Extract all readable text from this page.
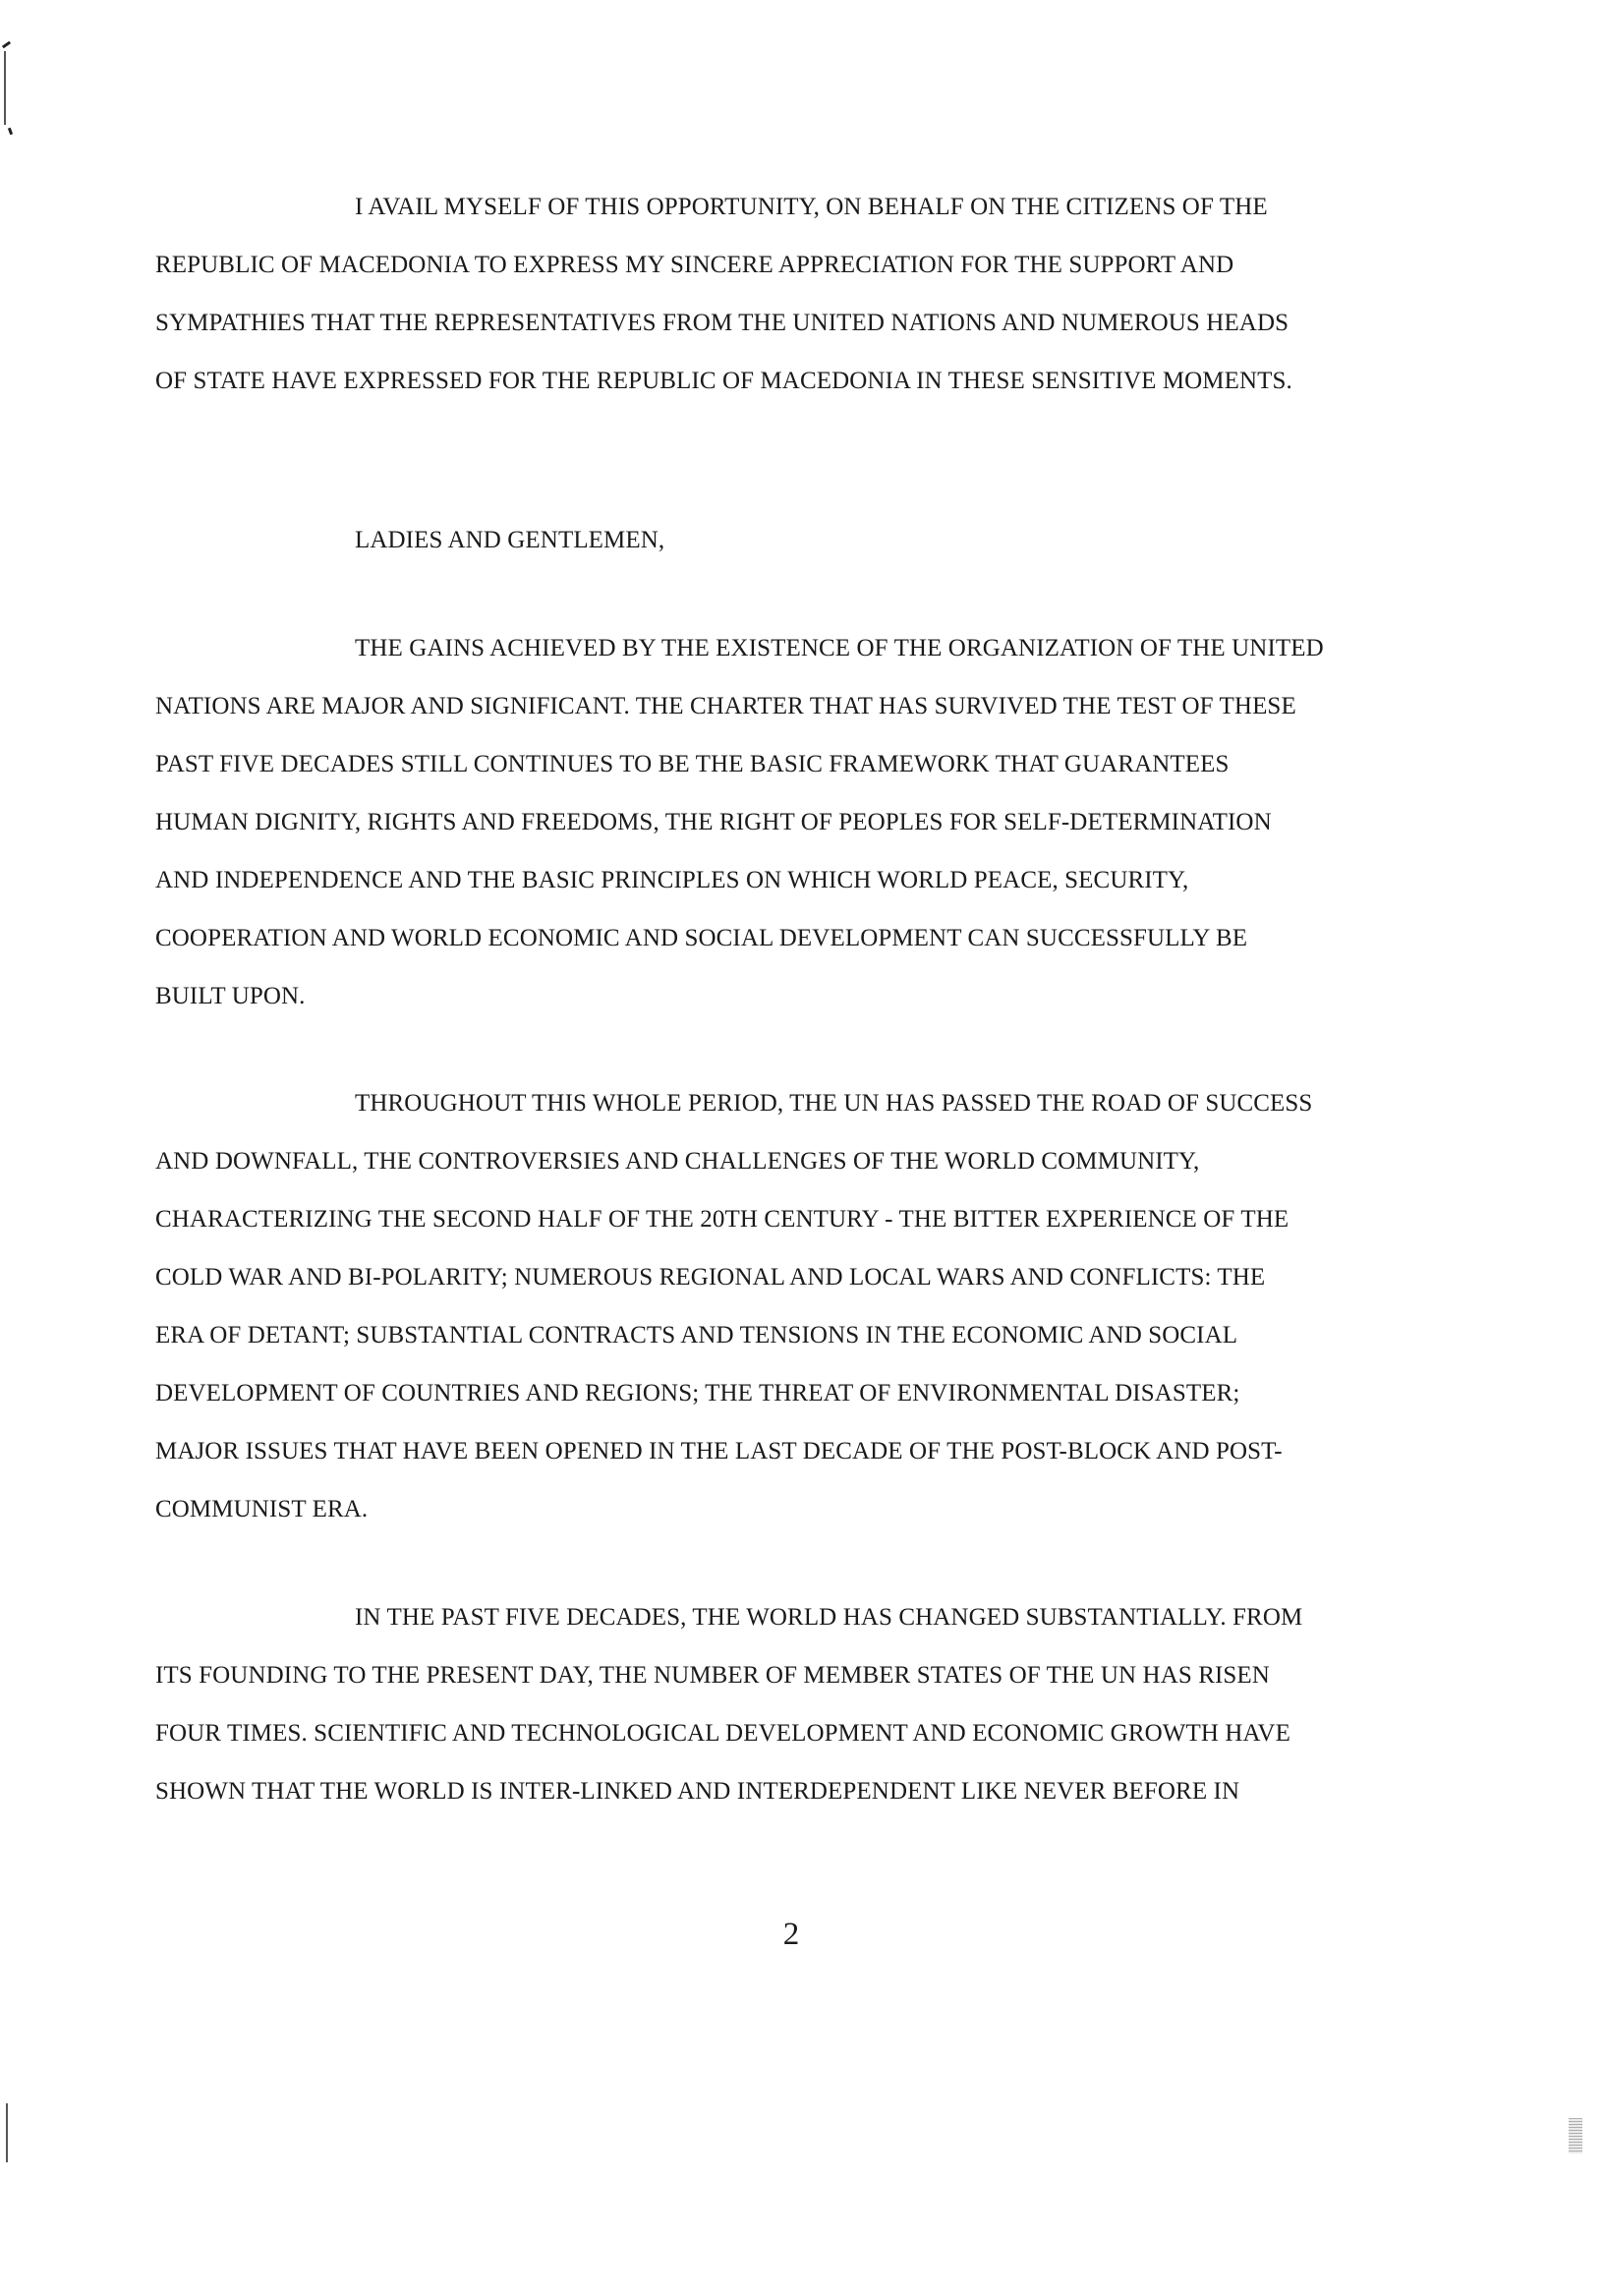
I AVAIL MYSELF OF THIS OPPORTUNITY, ON BEHALF ON THE CITIZENS OF THE
REPUBLIC OF MACEDONIA TO EXPRESS MY SINCERE APPRECIATION FOR THE SUPPORT AND
SYMPATHIES THAT THE REPRESENTATIVES FROM THE UNITED NATIONS AND NUMEROUS HEADS
OF STATE HAVE EXPRESSED FOR THE REPUBLIC OF MACEDONIA IN THESE SENSITIVE MOMENTS.
LADIES AND GENTLEMEN,
THE GAINS ACHIEVED BY THE EXISTENCE OF THE ORGANIZATION OF THE UNITED
NATIONS ARE MAJOR AND SIGNIFICANT. THE CHARTER THAT HAS SURVIVED THE TEST OF THESE
PAST FIVE DECADES STILL CONTINUES TO BE THE BASIC FRAMEWORK THAT GUARANTEES
HUMAN DIGNITY, RIGHTS AND FREEDOMS, THE RIGHT OF PEOPLES FOR SELF-DETERMINATION
AND INDEPENDENCE AND THE BASIC PRINCIPLES ON WHICH WORLD PEACE, SECURITY,
COOPERATION AND WORLD ECONOMIC AND SOCIAL DEVELOPMENT CAN SUCCESSFULLY BE
BUILT UPON.
THROUGHOUT THIS WHOLE PERIOD, THE UN HAS PASSED THE ROAD OF SUCCESS
AND DOWNFALL, THE CONTROVERSIES AND CHALLENGES OF THE WORLD COMMUNITY,
CHARACTERIZING THE SECOND HALF OF THE 20TH CENTURY - THE BITTER EXPERIENCE OF THE
COLD WAR AND BI-POLARITY; NUMEROUS REGIONAL AND LOCAL WARS AND CONFLICTS: THE
ERA OF DETANT; SUBSTANTIAL CONTRACTS AND TENSIONS IN THE ECONOMIC AND SOCIAL
DEVELOPMENT OF COUNTRIES AND REGIONS; THE THREAT OF ENVIRONMENTAL DISASTER;
MAJOR ISSUES THAT HAVE BEEN OPENED IN THE LAST DECADE OF THE POST-BLOCK AND POST-
COMMUNIST ERA.
IN THE PAST FIVE DECADES, THE WORLD HAS CHANGED SUBSTANTIALLY. FROM
ITS FOUNDING TO THE PRESENT DAY, THE NUMBER OF MEMBER STATES OF THE UN HAS RISEN
FOUR TIMES. SCIENTIFIC AND TECHNOLOGICAL DEVELOPMENT AND ECONOMIC GROWTH HAVE
SHOWN THAT THE WORLD IS INTER-LINKED AND INTERDEPENDENT LIKE NEVER BEFORE IN
2
